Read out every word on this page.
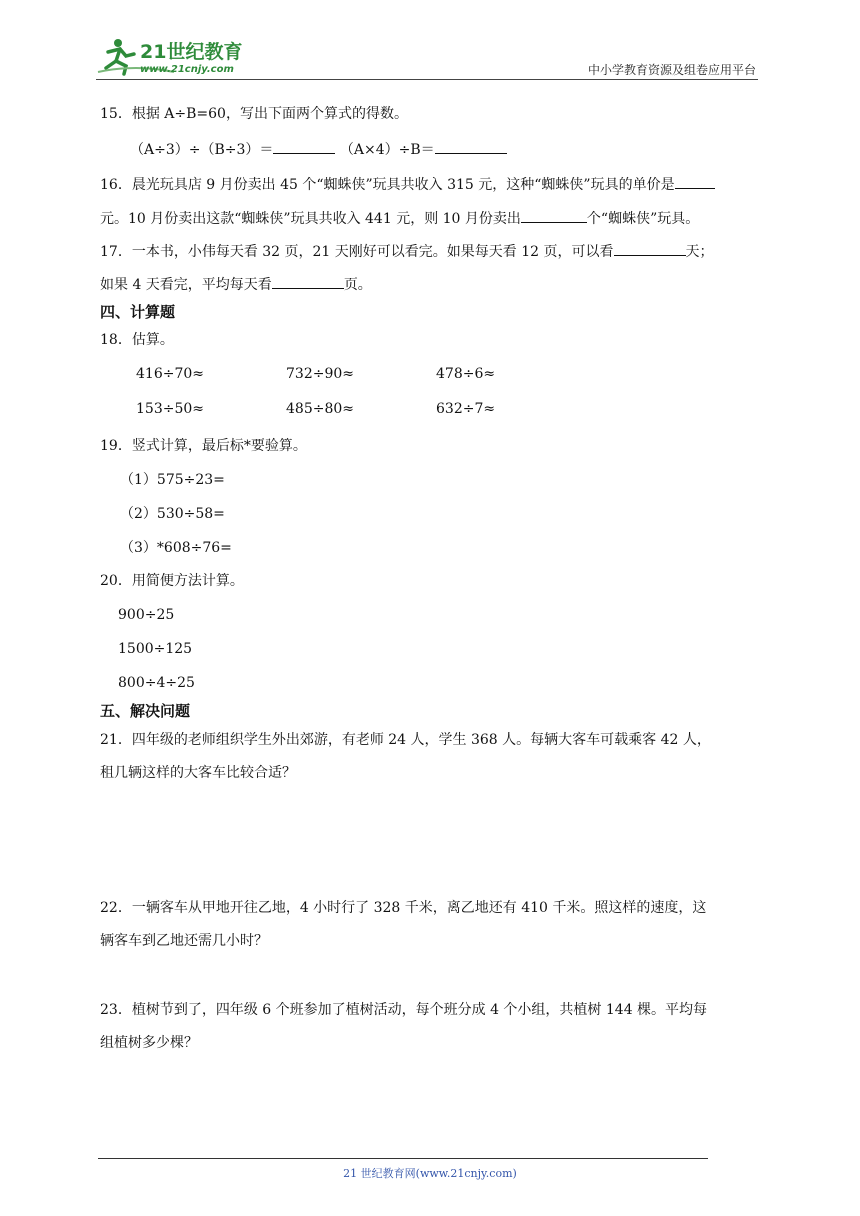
21世纪教育
www.21cnjy.com	中小学教育资源及组卷应用平台
15．根据 A÷B=60，写出下面两个算式的得数。
（A÷3）÷（B÷3）＝	（A×4）÷B＝
16．晨光玩具店 9 月份卖出 45 个“蜘蛛侠”玩具共收入 315 元，这种“蜘蛛侠”玩具的单价是
元。10 月份卖出这款“蜘蛛侠”玩具共收入 441 元，则 10 月份卖出	个“蜘蛛侠”玩具。
17．一本书，小伟每天看 32 页，21 天刚好可以看完。如果每天看 12 页，可以看	天；
如果 4 天看完，平均每天看	页。
四、计算题
18．估算。
416÷70≈	732÷90≈	478÷6≈
153÷50≈	485÷80≈	632÷7≈
19．竖式计算，最后标*要验算。
（1）575÷23=
（2）530÷58=
（3）*608÷76=
20．用简便方法计算。
900÷25
1500÷125
800÷4÷25
五、解决问题
21．四年级的老师组织学生外出郊游，有老师 24 人，学生 368 人。每辆大客车可载乘客 42 人，
租几辆这样的大客车比较合适？
22．一辆客车从甲地开往乙地，4 小时行了 328 千米，离乙地还有 410 千米。照这样的速度，这
辆客车到乙地还需几小时？
23．植树节到了，四年级 6 个班参加了植树活动，每个班分成 4 个小组，共植树 144 棵。平均每
组植树多少棵？
21 世纪教育网(www.21cnjy.com)
